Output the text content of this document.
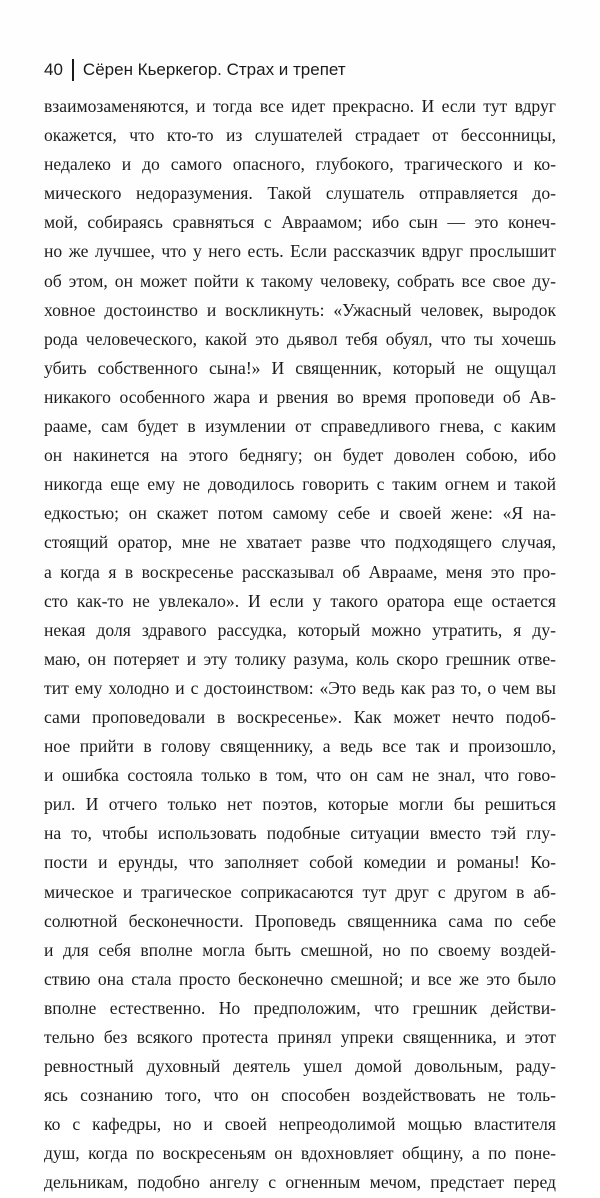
40 Сёрен Кьеркегор. Страх и трепет
взаимозаменяются, и тогда все идет прекрасно. И если тут вдруг
окажется, что кто-то из слушателей страдает от бессонницы,
недалеко и до самого опасного, глубокого, трагического и ко-
мического недоразумения. Такой слушатель отправляется до-
мой, собираясь сравняться с Авраамом; ибо сын — это конеч-
но же лучшее, что у него есть. Если рассказчик вдруг прослышит
об этом, он может пойти к такому человеку, собрать все свое ду-
ховное достоинство и воскликнуть: «Ужасный человек, выродок
рода человеческого, какой это дьявол тебя обуял, что ты хочешь
убить собственного сына!» И священник, который не ощущал
никакого особенного жара и рвения во время проповеди об Ав-
рааме, сам будет в изумлении от справедливого гнева, с каким
он накинется на этого беднягу; он будет доволен собою, ибо
никогда еще ему не доводилось говорить с таким огнем и такой
едкостью; он скажет потом самому себе и своей жене: «Я на-
стоящий оратор, мне не хватает разве что подходящего случая,
а когда я в воскресенье рассказывал об Аврааме, меня это про-
сто как-то не увлекало». И если у такого оратора еще остается
некая доля здравого рассудка, который можно утратить, я ду-
маю, он потеряет и эту толику разума, коль скоро грешник отве-
тит ему холодно и с достоинством: «Это ведь как раз то, о чем вы
сами проповедовали в воскресенье». Как может нечто подоб-
ное прийти в голову священнику, а ведь все так и произошло,
и ошибка состояла только в том, что он сам не знал, что гово-
рил. И отчего только нет поэтов, которые могли бы решиться
на то, чтобы использовать подобные ситуации вместо тэй глу-
пости и ерунды, что заполняет собой комедии и романы! Ко-
мическое и трагическое соприкасаются тут друг с другом в аб-
солютной бесконечности. Проповедь священника сама по себе
и для себя вполне могла быть смешной, но по своему воздей-
ствию она стала просто бесконечно смешной; и все же это было
вполне естественно. Но предположим, что грешник действи-
тельно без всякого протеста принял упреки священника, и этот
ревностный духовный деятель ушел домой довольным, раду-
ясь сознанию того, что он способен воздействовать не толь-
ко с кафедры, но и своей непреодолимой мощью властителя
душ, когда по воскресеньям он вдохновляет общину, а по поне-
дельникам, подобно ангелу с огненным мечом, предстает перед
